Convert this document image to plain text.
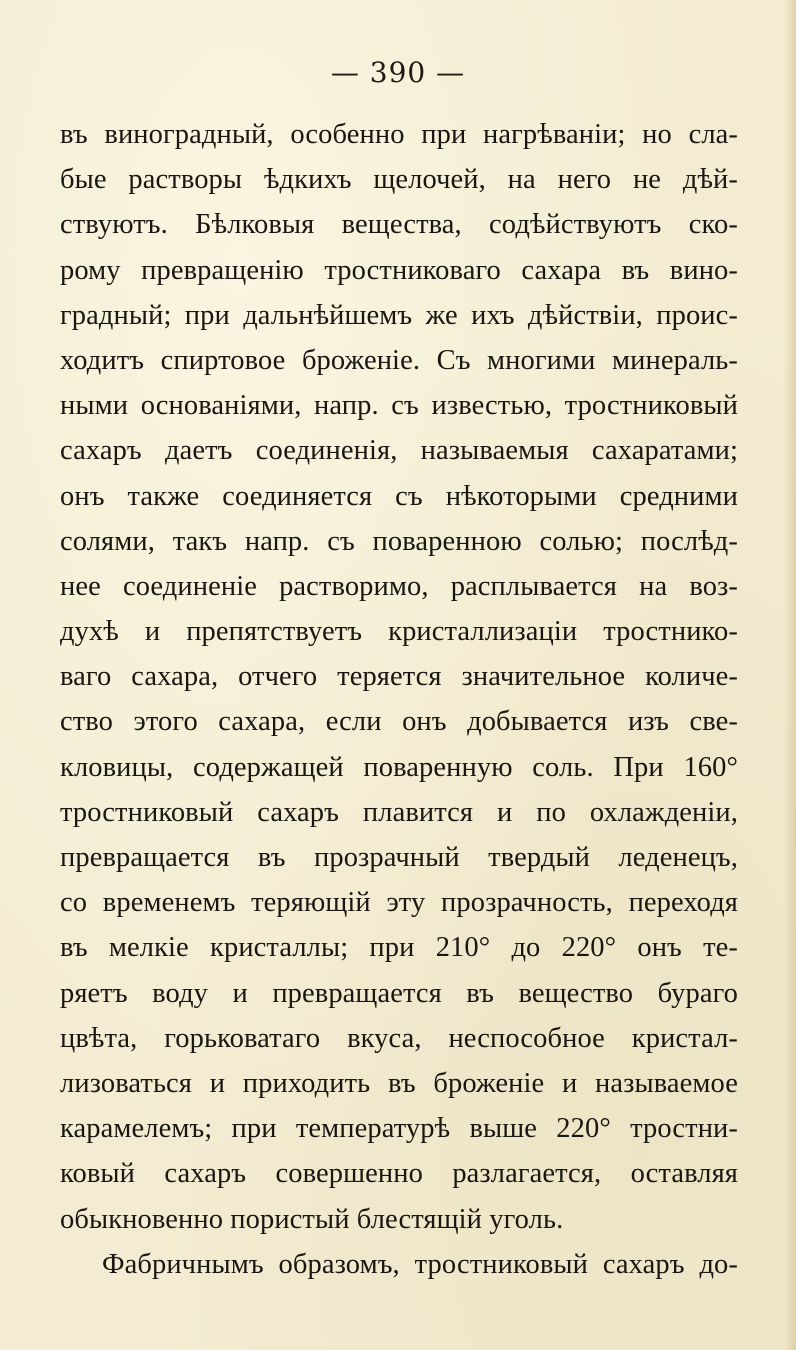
— 390 —
въ виноградный, особенно при нагрѣваніи; но сла-
быe растворы ѣдкихъ щелочей, на него не дѣй-
ствуютъ. Бѣлковыя вещества, содѣйствуютъ ско-
рому превращенію тростниковаго сахара въ вино-
градный; при дальнѣйшемъ же ихъ дѣйствіи, проис-
ходитъ спиртовое броженіе. Съ многими минераль-
ными основаніями, напр. съ известью, тростниковый
сахаръ даетъ соединенія, называемыя сахаратами;
онъ также соединяется съ нѣкоторыми средними
солями, такъ напр. съ поваренною солью; послѣд-
нее соединеніе растворимо, расплывается на воз-
духѣ и препятствуетъ кристаллизаціи тростнико-
ваго сахара, отчего теряется значительное количе-
ство этого сахара, если онъ добывается изъ све-
кловицы, содержащей поваренную соль. При 160°
тростниковый сахаръ плавится и по охлажденіи,
превращается въ прозрачный твердый леденецъ,
со временемъ теряющій эту прозрачность, переходя
въ мелкіе кристаллы; при 210° до 220° онъ те-
ряетъ воду и превращается въ вещество бураго
цвѣта, горьковатаго вкуса, неспособное кристал-
лизоваться и приходить въ броженіе и называемое
карамелемъ; при температурѣ выше 220° тростни-
ковый сахаръ совершенно разлагается, оставляя
обыкновенно пористый блестящій уголь.
Фабричнымъ образомъ, тростниковый сахаръ до-
